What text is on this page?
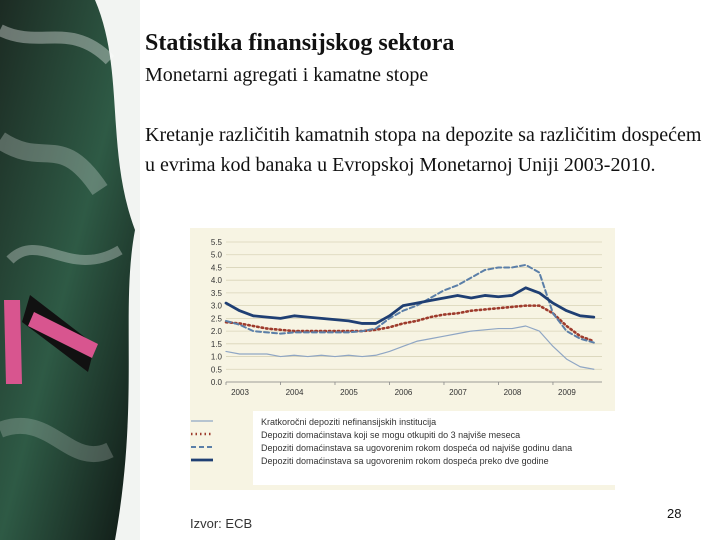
Statistika finansijskog sektora
Monetarni agregati i kamatne stope
Kretanje različitih kamatnih stopa na depozite sa različitim dospećem u evrima kod banaka u Evropskoj Monetarnoj Uniji 2003-2010.
0.0
0.5
1.0
1.5
2.0
2.5
3.0
3.5
4.0
4.5
5.0
5.5
2003	2004	2005	2006	2007	2008	2009
Kratkoročni depoziti nefinansijskih institucija
Depoziti domaćinstava koji se mogu otkupiti do 3 najviše meseca
Depoziti domaćinstava sa ugovorenim rokom dospeća od najviše godinu dana
Depoziti domaćinstava sa ugovorenim rokom dospeća preko dve godine
Izvor: ECB
28
